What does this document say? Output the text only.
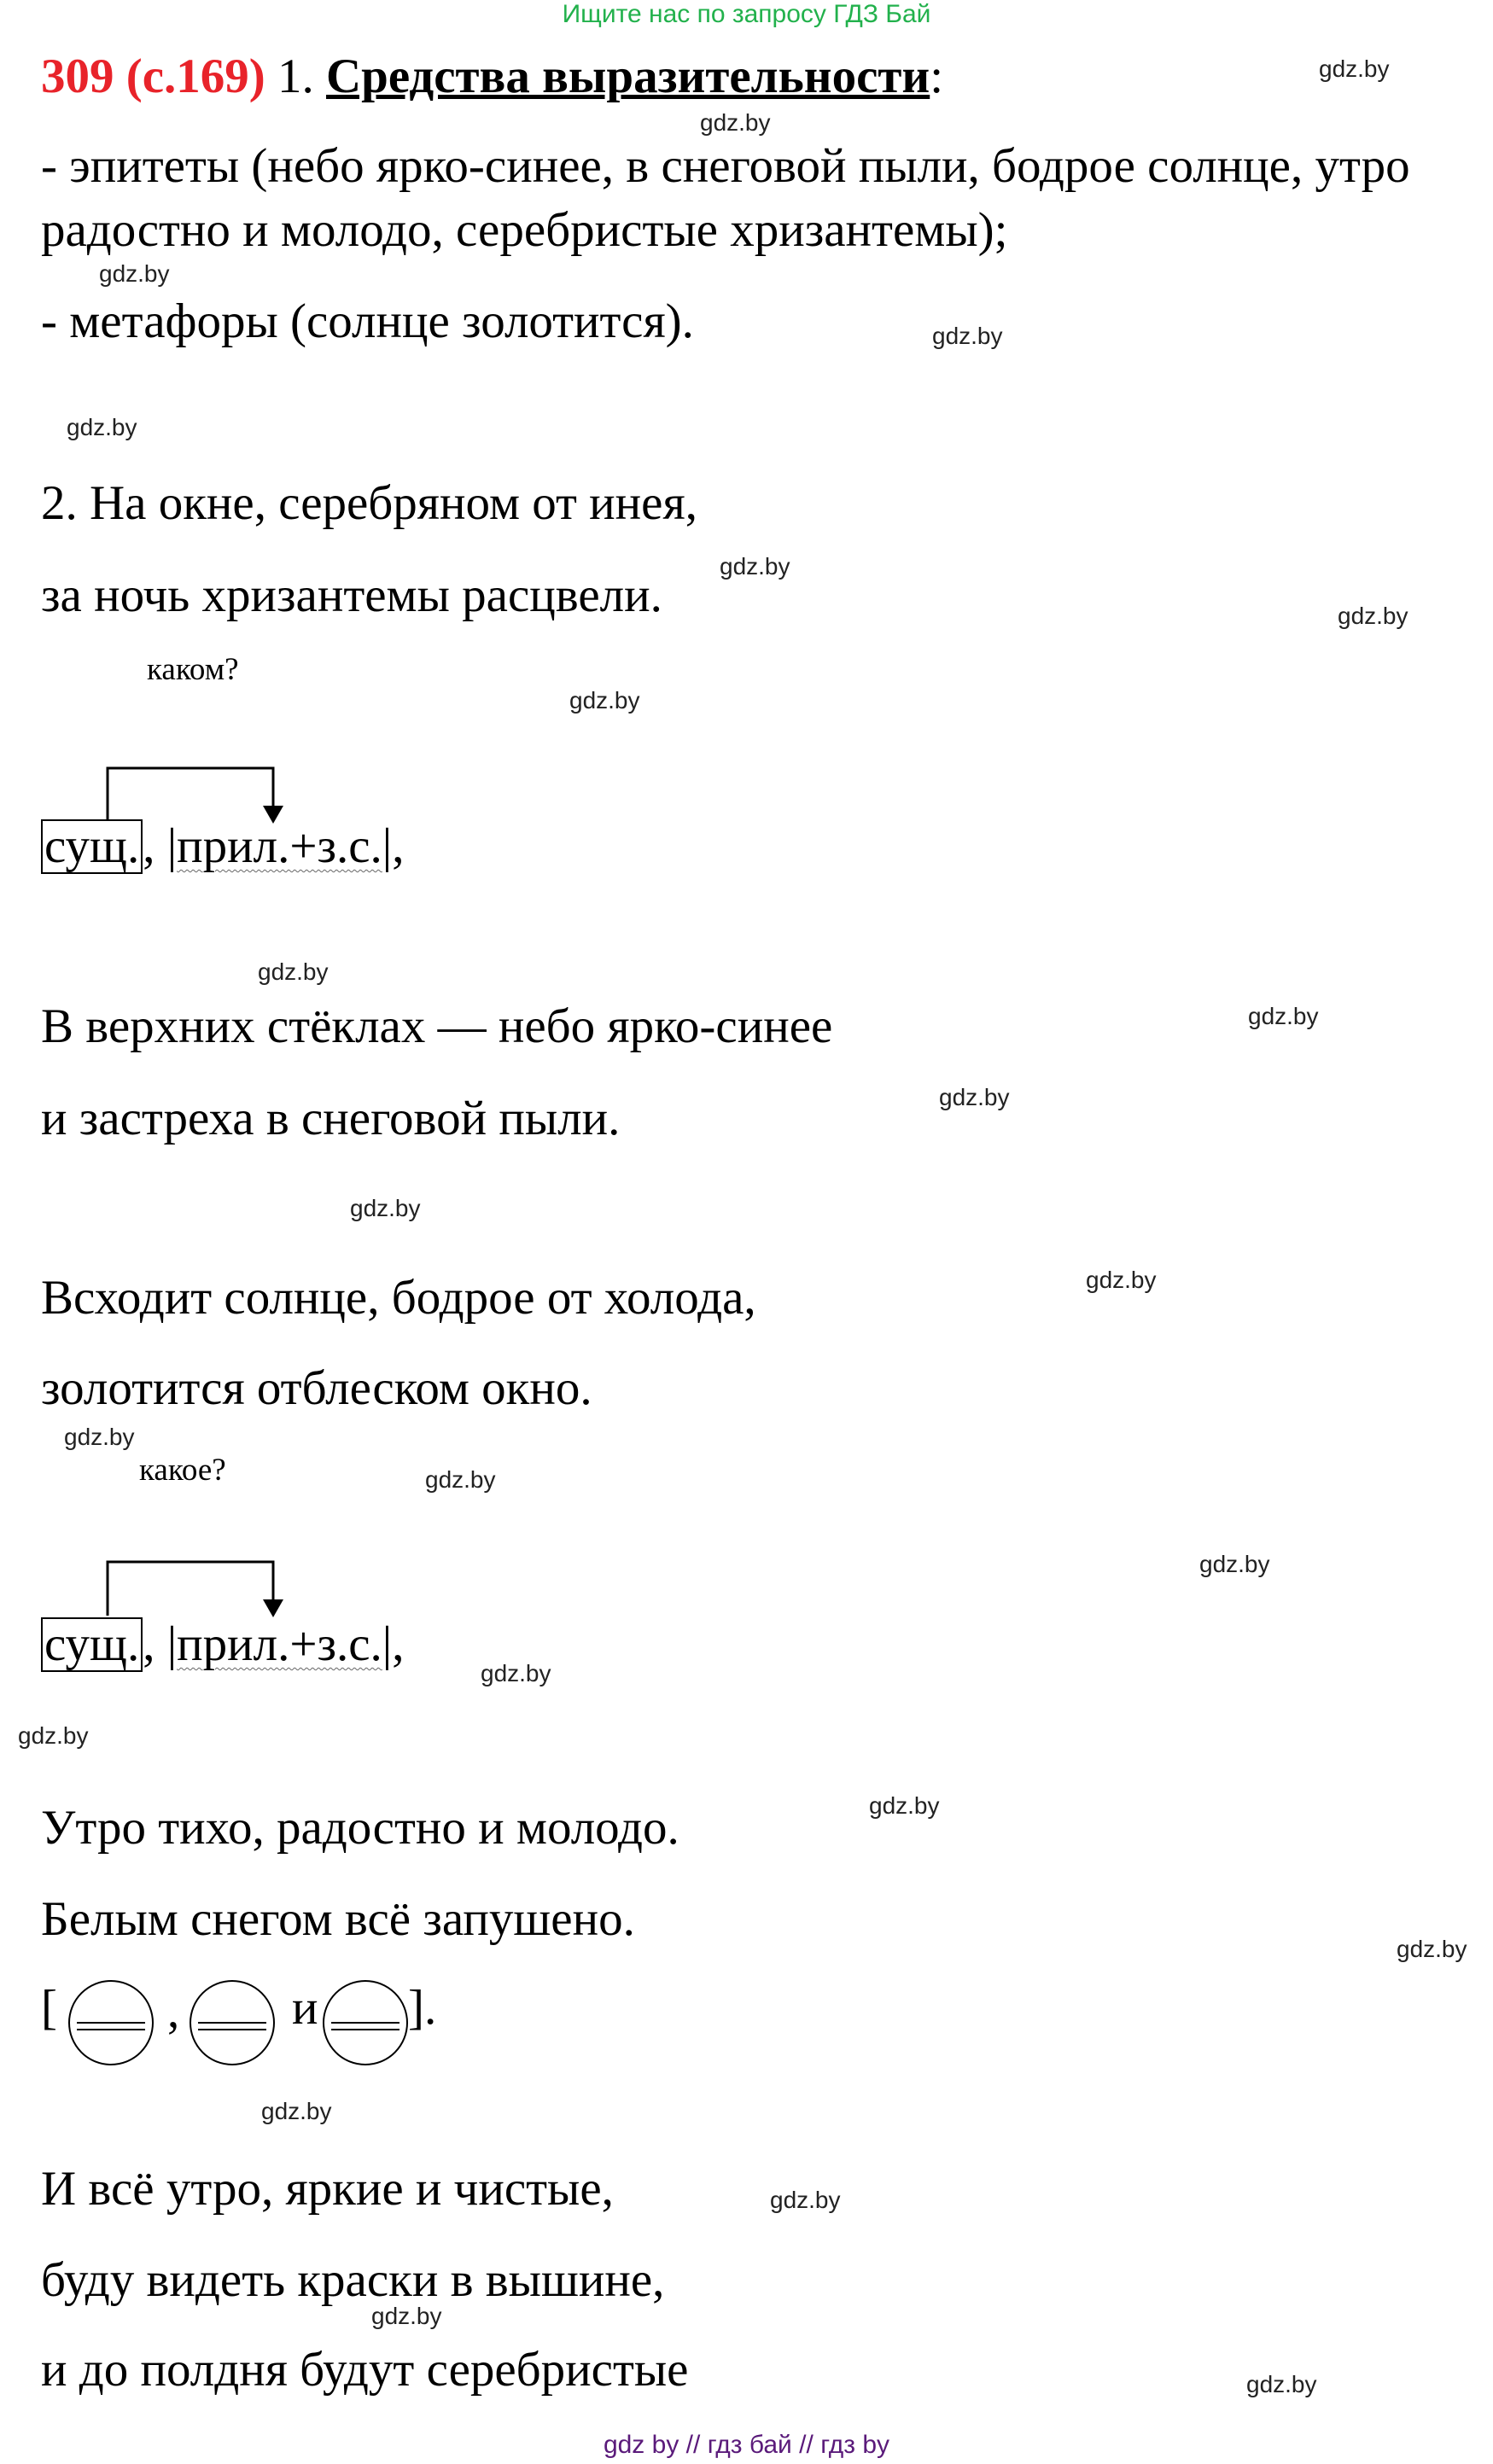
Ищите нас по запросу ГДЗ Бай
309 (с.169) 1. Средства выразительности:
- эпитеты (небо ярко-синее, в снеговой пыли, бодрое солнце, утро
радостно и молодо, серебристые хризантемы);
- метафоры (солнце золотится).
2. На окне, серебряном от инея,
за ночь хризантемы расцвели.
каком?
сущ., |прил.+з.с.|,
В верхних стёклах — небо ярко-синее
и застреха в снеговой пыли.
Всходит солнце, бодрое от холода,
золотится отблеском окно.
какое?
сущ., |прил.+з.с.|,
Утро тихо, радостно и молодо.
Белым снегом всё запушено.
[ , и ].
И всё утро, яркие и чистые,
буду видеть краски в вышине,
и до полдня будут серебристые
gdz.by
gdz.by
gdz.by
gdz.by
gdz.by
gdz.by
gdz.by
gdz.by
gdz.by
gdz.by
gdz.by
gdz.by
gdz.by
gdz.by
gdz.by
gdz.by
gdz.by
gdz.by
gdz.by
gdz.by
gdz.by
gdz.by
gdz.by
gdz.by
gdz by // гдз бай // гдз by
